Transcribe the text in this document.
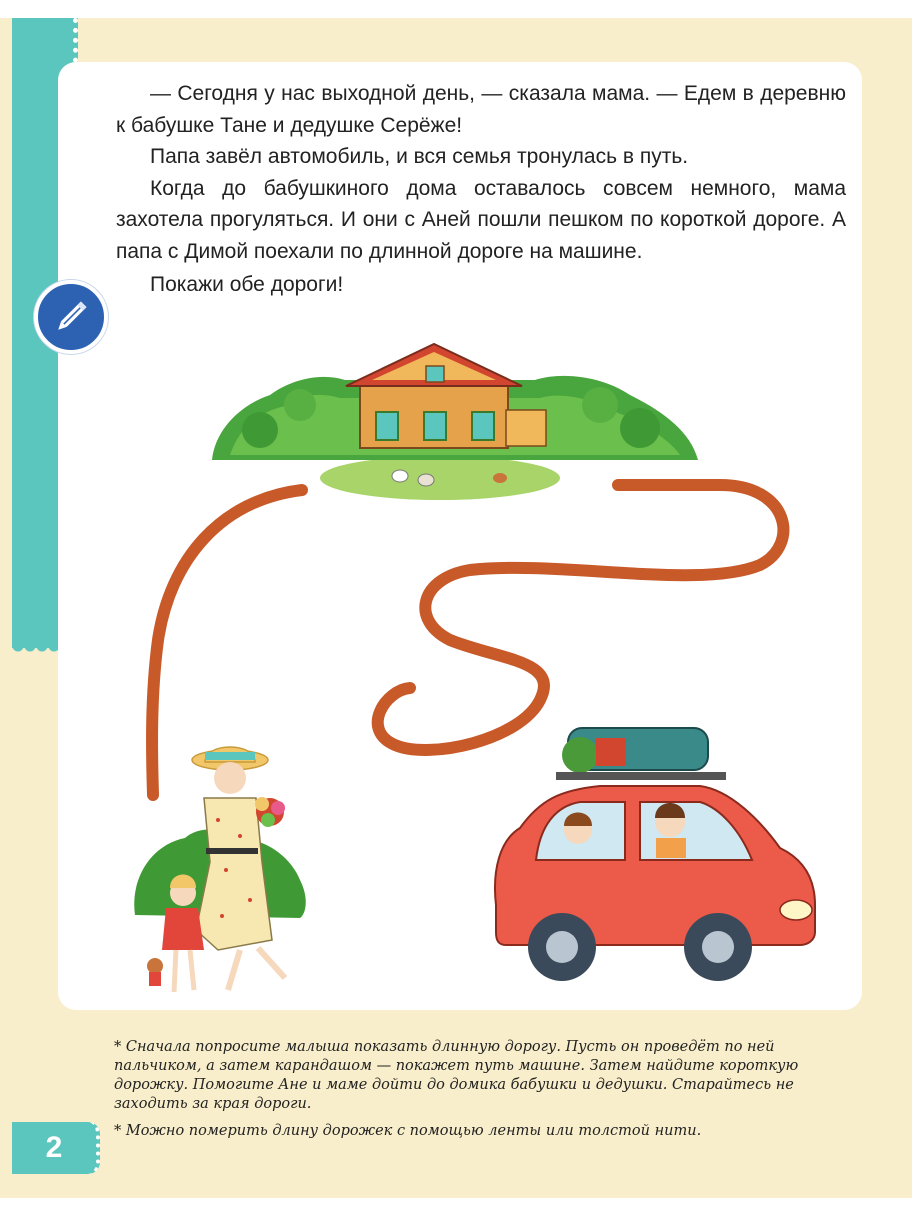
— Сегодня у нас выходной день, — сказала мама. — Едем в деревню к бабушке Тане и дедушке Серёже!

Папа завёл автомобиль, и вся семья тронулась в путь.

Когда до бабушкиного дома оставалось совсем немного, мама захотела прогуляться. И они с Аней пошли пешком по короткой дороге. А папа с Димой поехали по длинной дороге на машине.

Покажи обе дороги!

* Сначала попросите малыша показать длинную дорогу. Пусть он проведёт по ней пальчиком, а затем карандашом — покажет путь машине. Затем найдите короткую дорожку. Помогите Ане и маме дойти до домика бабушки и дедушки. Старайтесь не заходить за края дороги.

* Можно померить длину дорожек с помощью ленты или толстой нити.

2
